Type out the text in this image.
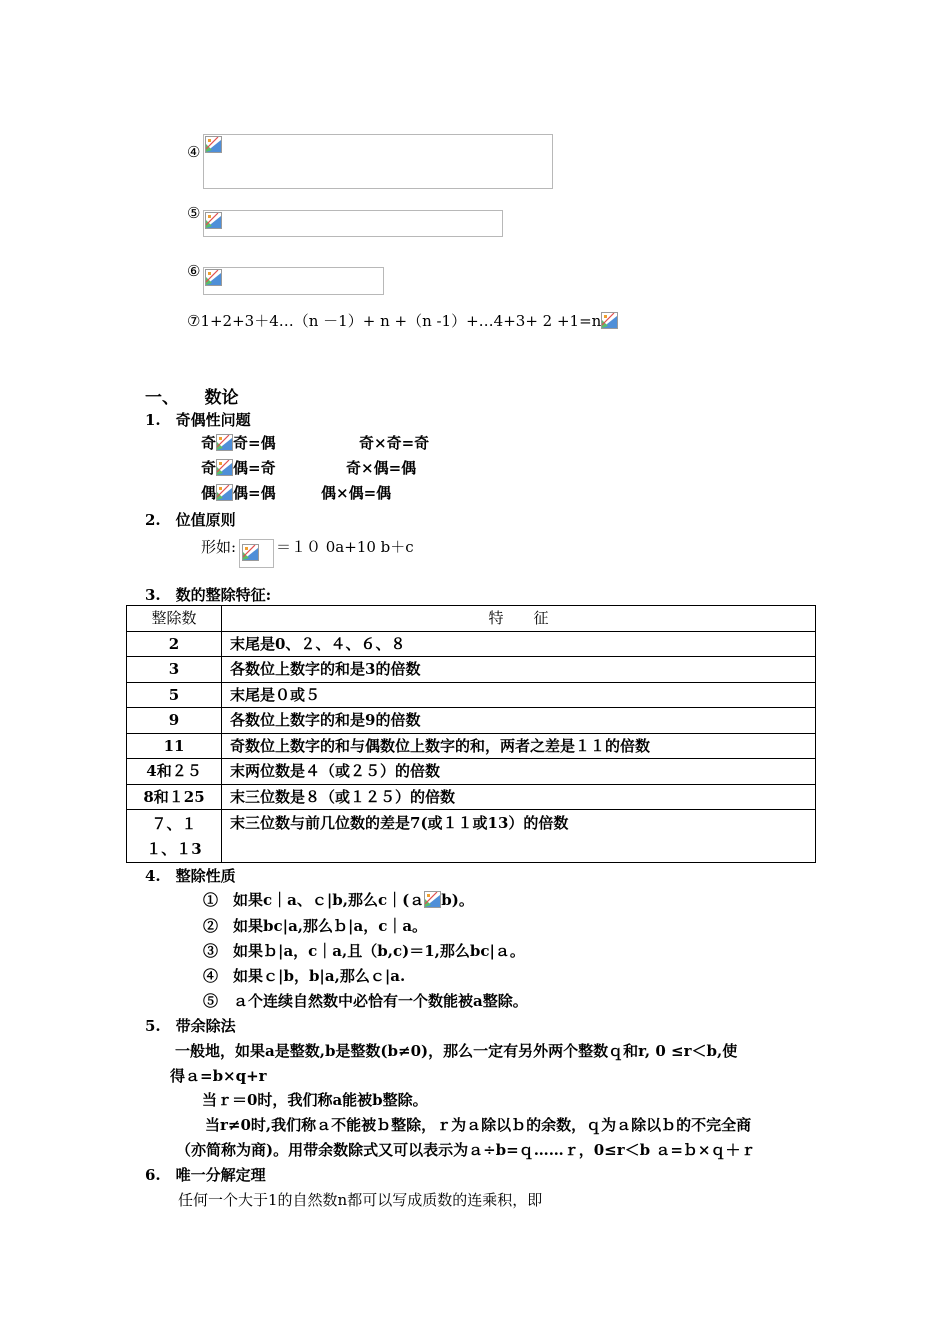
④
⑤
⑥
⑦1+2+3＋4…（n －1）+ n +（n -1）+…4+3+ 2 +1=n
一、　　数论
1.　奇偶性问题
奇 奇=偶	奇×奇=奇
奇 偶=奇	奇×偶=偶
偶 偶=偶	偶×偶=偶
2.　位值原则
形如:	＝１０ 0a+10 b＋c
3.　数的整除特征:
整除数	特　　征
2	末尾是0、２、４、６、８
3	各数位上数字的和是3的倍数
5	末尾是０或５
9	各数位上数字的和是9的倍数
11	奇数位上数字的和与偶数位上数字的和，两者之差是１１的倍数
4和２５	末两位数是４（或２５）的倍数
8和１25	末三位数是８（或１２５）的倍数

７、１
１、１3	末三位数与前几位数的差是7(或１１或13）的倍数
4.　整除性质
①　如果c｜a、ｃ|b,那么c｜(ａ b)。
②　如果bc|a,那么ｂ|a，c｜a。
③　如果ｂ|a，c｜a,且（b,c)＝1,那么bc|ａ。
④　如果ｃ|b，b|a,那么ｃ|a.
⑤　ａ个连续自然数中必恰有一个数能被a整除。
5.　带余除法
一般地，如果a是整数,b是整数(b≠0)，那么一定有另外两个整数ｑ和r, 0 ≤r＜b,使
得ａ=b×q+r
当ｒ＝0时，我们称a能被b整除。
当r≠0时,我们称ａ不能被ｂ整除，ｒ为ａ除以ｂ的余数，ｑ为ａ除以ｂ的不完全商
（亦简称为商)。用带余数除式又可以表示为ａ÷b=ｑ……ｒ，0≤r＜b ａ=ｂ×ｑ＋ｒ
6.　唯一分解定理
任何一个大于1的自然数n都可以写成质数的连乘积，即
